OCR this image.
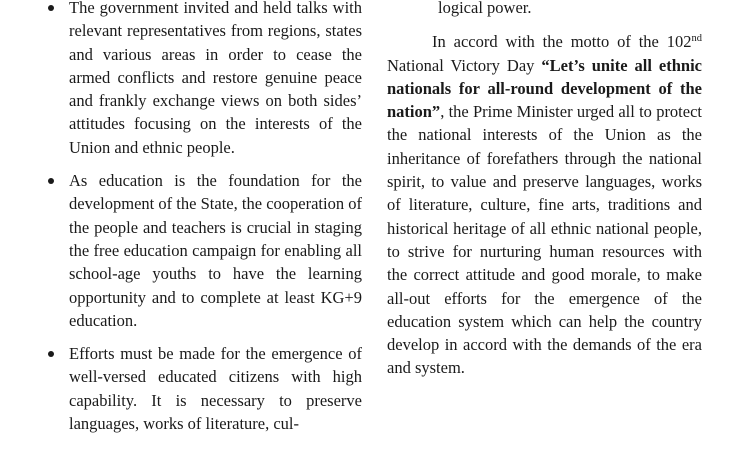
The government invited and held talks with relevant representatives from regions, states and various areas in order to cease the armed conflicts and restore genuine peace and frankly exchange views on both sides’ attitudes focusing on the interests of the Union and ethnic people.
As education is the foundation for the development of the State, the cooperation of the people and teachers is crucial in staging the free education campaign for enabling all school-age youths to have the learning opportunity and to complete at least KG+9 education.
Efforts must be made for the emergence of well-versed educated citizens with high capability. It is necessary to preserve languages, works of literature, cul-
logical power.

In accord with the motto of the 102nd National Victory Day “Let’s unite all ethnic nationals for all-round development of the nation”, the Prime Minister urged all to protect the national interests of the Union as the inheritance of forefathers through the national spirit, to value and preserve languages, works of literature, culture, fine arts, traditions and historical heritage of all ethnic national people, to strive for nurturing human resources with the correct attitude and good morale, to make all-out efforts for the emergence of the education system which can help the country develop in accord with the demands of the era and system.
